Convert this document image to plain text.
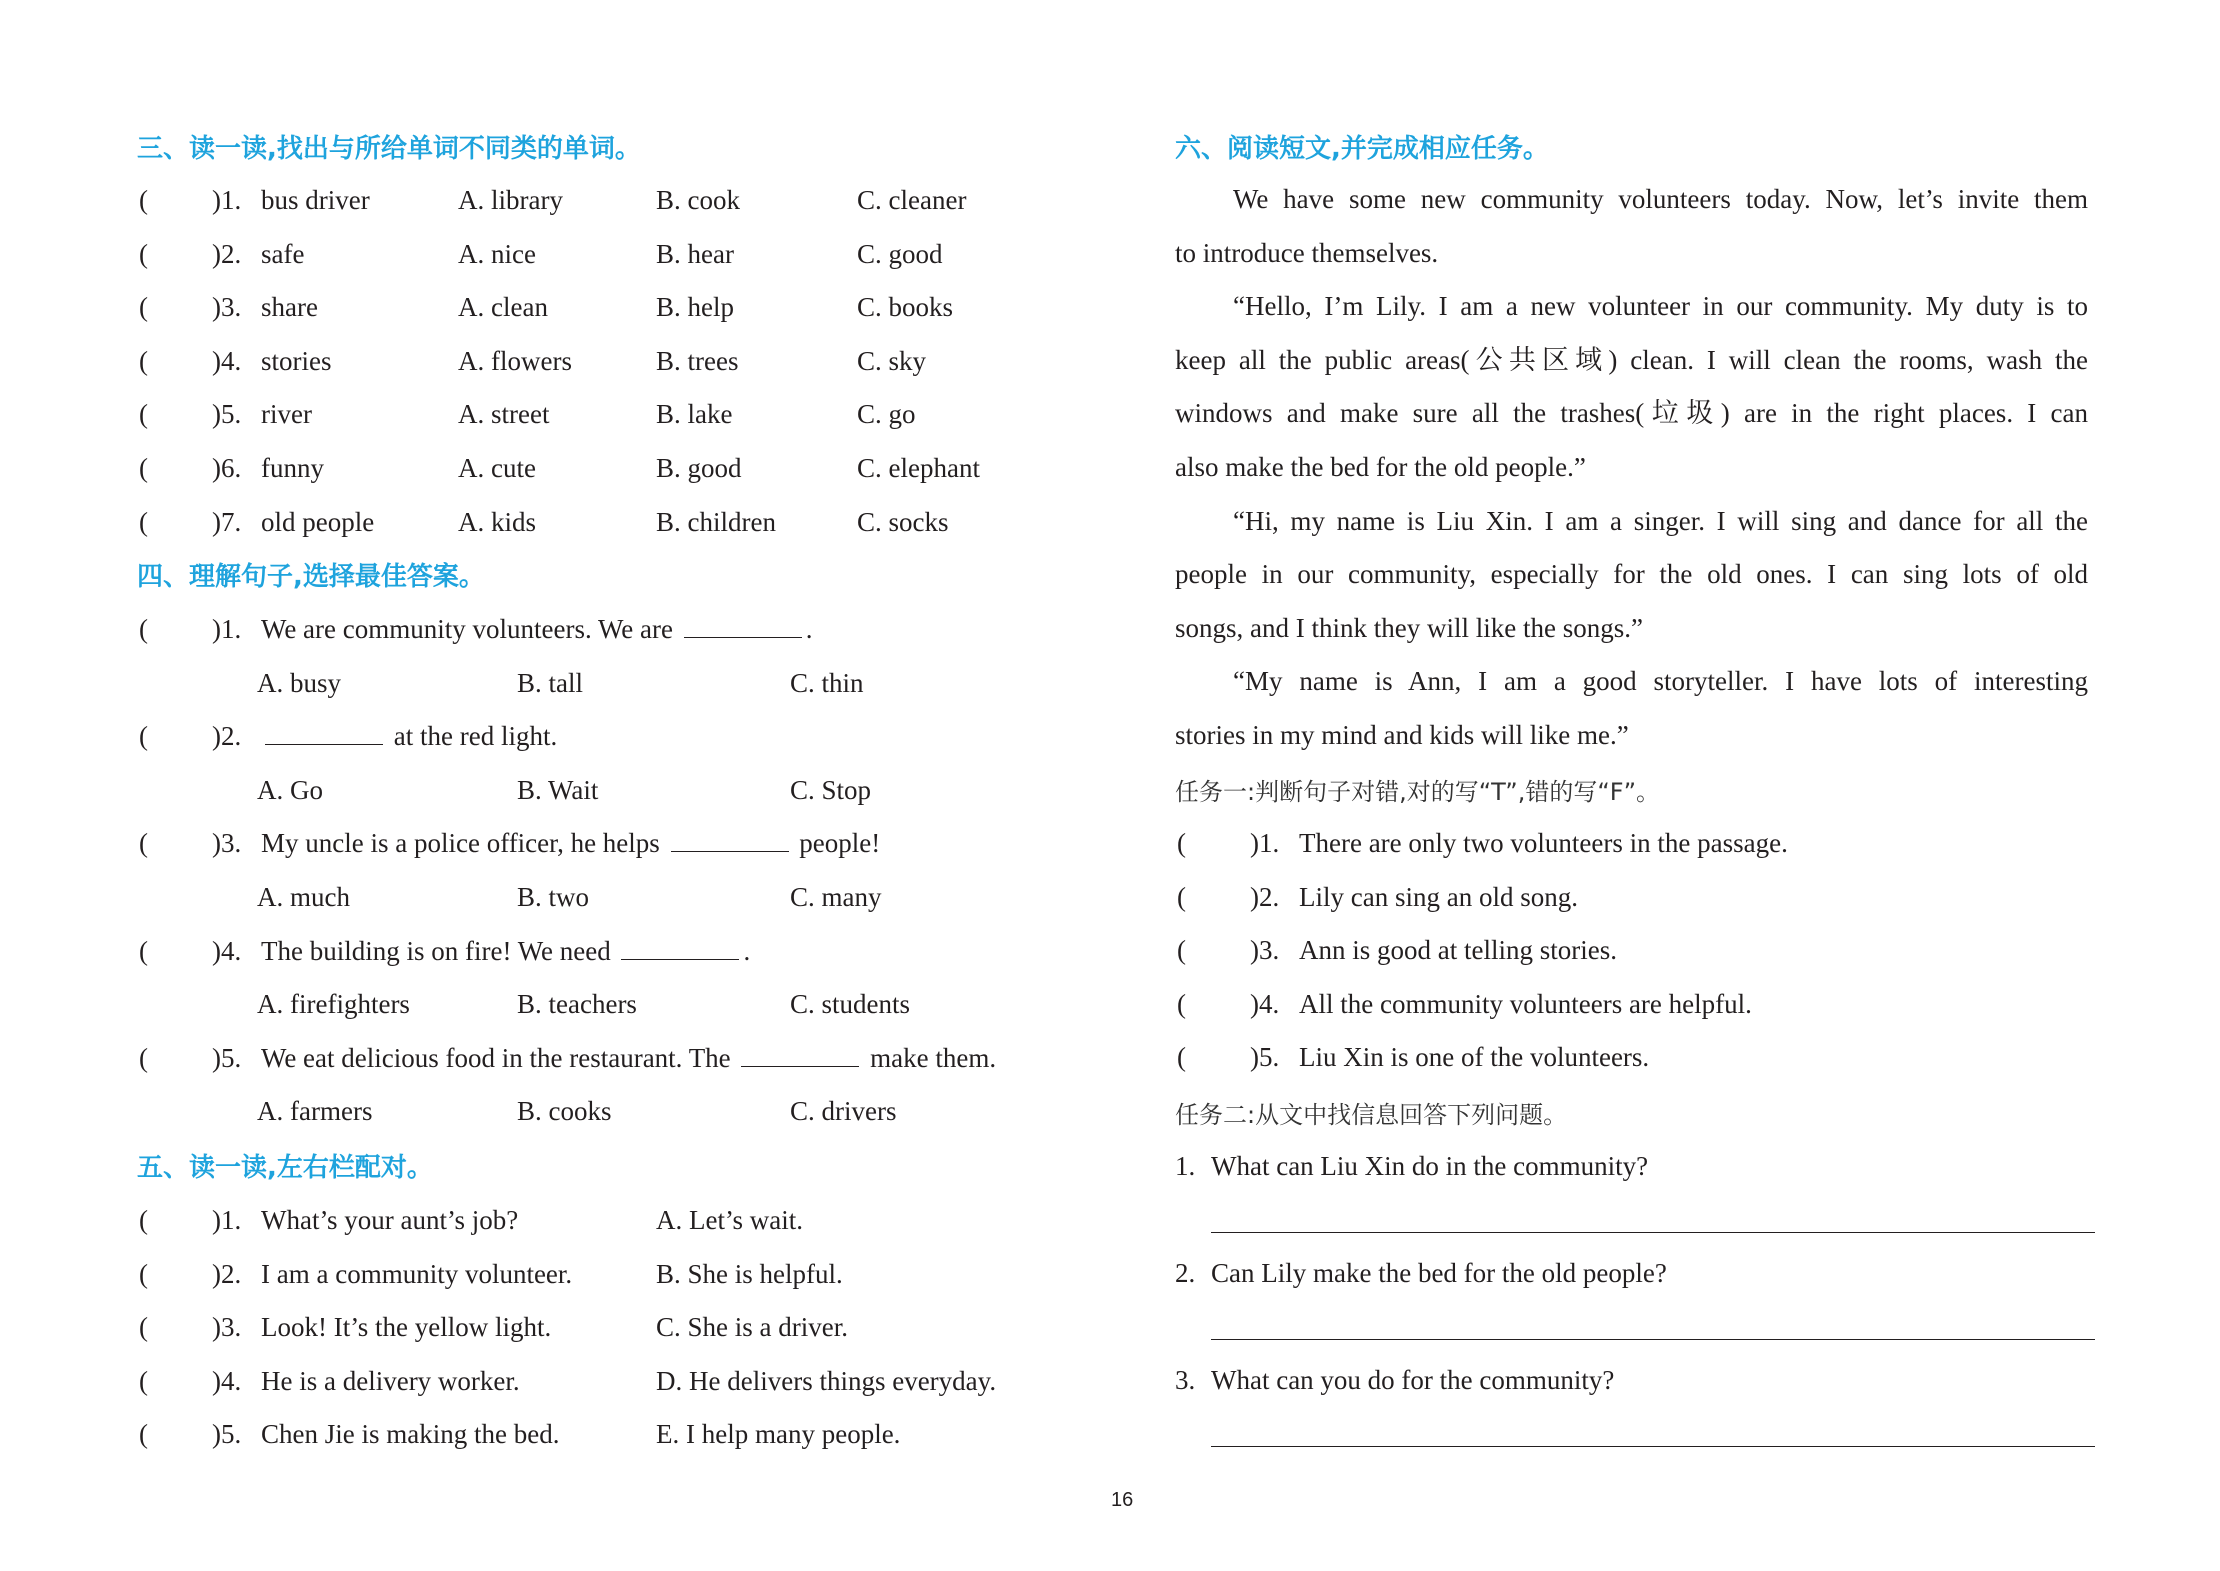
三、读一读,找出与所给单词不同类的单词。
( )1. bus driver	A. library	B. cook	C. cleaner
( )2. safe	A. nice	B. hear	C. good
( )3. share	A. clean	B. help	C. books
( )4. stories	A. flowers	B. trees	C. sky
( )5. river	A. street	B. lake	C. go
( )6. funny	A. cute	B. good	C. elephant
( )7. old people	A. kids	B. children	C. socks
四、理解句子,选择最佳答案。
( )1. We are community volunteers. We are	.
A. busy	B. tall	C. thin
( )2.	at the red light.
A. Go	B. Wait	C. Stop
( )3. My uncle is a police officer, he helps	people!
A. much	B. two	C. many
( )4. The building is on fire! We need	.
A. firefighters	B. teachers	C. students
( )5. We eat delicious food in the restaurant. The	make them.
A. farmers	B. cooks	C. drivers
五、读一读,左右栏配对。
( )1. What’s your aunt’s job?	A. Let’s wait.
( )2. I am a community volunteer.	B. She is helpful.
( )3. Look! It’s the yellow light.	C. She is a driver.
( )4. He is a delivery worker.	D. He delivers things everyday.
( )5. Chen Jie is making the bed.	E. I help many people.
六、阅读短文,并完成相应任务。
We have some new community volunteers today. Now, let’s invite them
to introduce themselves.
“Hello, I’m Lily. I am a new volunteer in our community. My duty is to
keep all the public areas(公共区域) clean. I will clean the rooms, wash the
windows and make sure all the trashes(垃圾) are in the right places. I can
also make the bed for the old people.”
“Hi, my name is Liu Xin. I am a singer. I will sing and dance for all the
people in our community, especially for the old ones. I can sing lots of old
songs, and I think they will like the songs.”
“My name is Ann, I am a good storyteller. I have lots of interesting
stories in my mind and kids will like me.”
任务一:判断句子对错,对的写“T”,错的写“F”。
( )1. There are only two volunteers in the passage.
( )2. Lily can sing an old song.
( )3. Ann is good at telling stories.
( )4. All the community volunteers are helpful.
( )5. Liu Xin is one of the volunteers.
任务二:从文中找信息回答下列问题。
1. What can Liu Xin do in the community?
2. Can Lily make the bed for the old people?
3. What can you do for the community?
16
